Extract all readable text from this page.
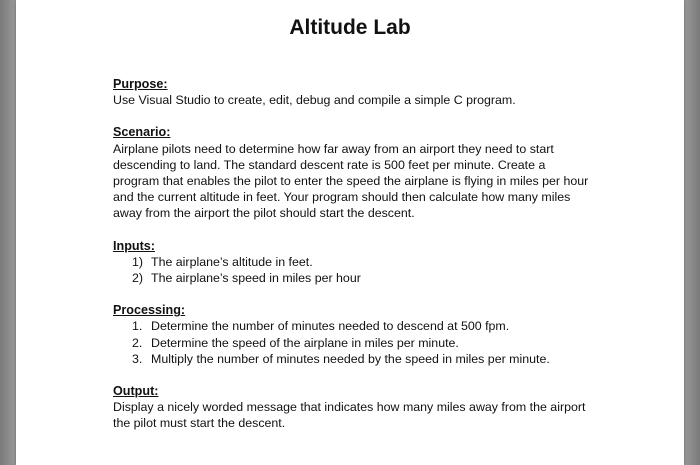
Altitude Lab

Purpose:

Use Visual Studio to create, edit, debug and compile a simple C program.

Scenario:

Airplane pilots need to determine how far away from an airport they need to start descending to land. The standard descent rate is 500 feet per minute. Create a program that enables the pilot to enter the speed the airplane is flying in miles per hour and the current altitude in feet. Your program should then calculate how many miles away from the airport the pilot should start the descent.

Inputs:

1) The airplane’s altitude in feet.
2) The airplane’s speed in miles per hour

Processing:

1. Determine the number of minutes needed to descend at 500 fpm.
2. Determine the speed of the airplane in miles per minute.
3. Multiply the number of minutes needed by the speed in miles per minute.

Output:

Display a nicely worded message that indicates how many miles away from the airport the pilot must start the descent.
